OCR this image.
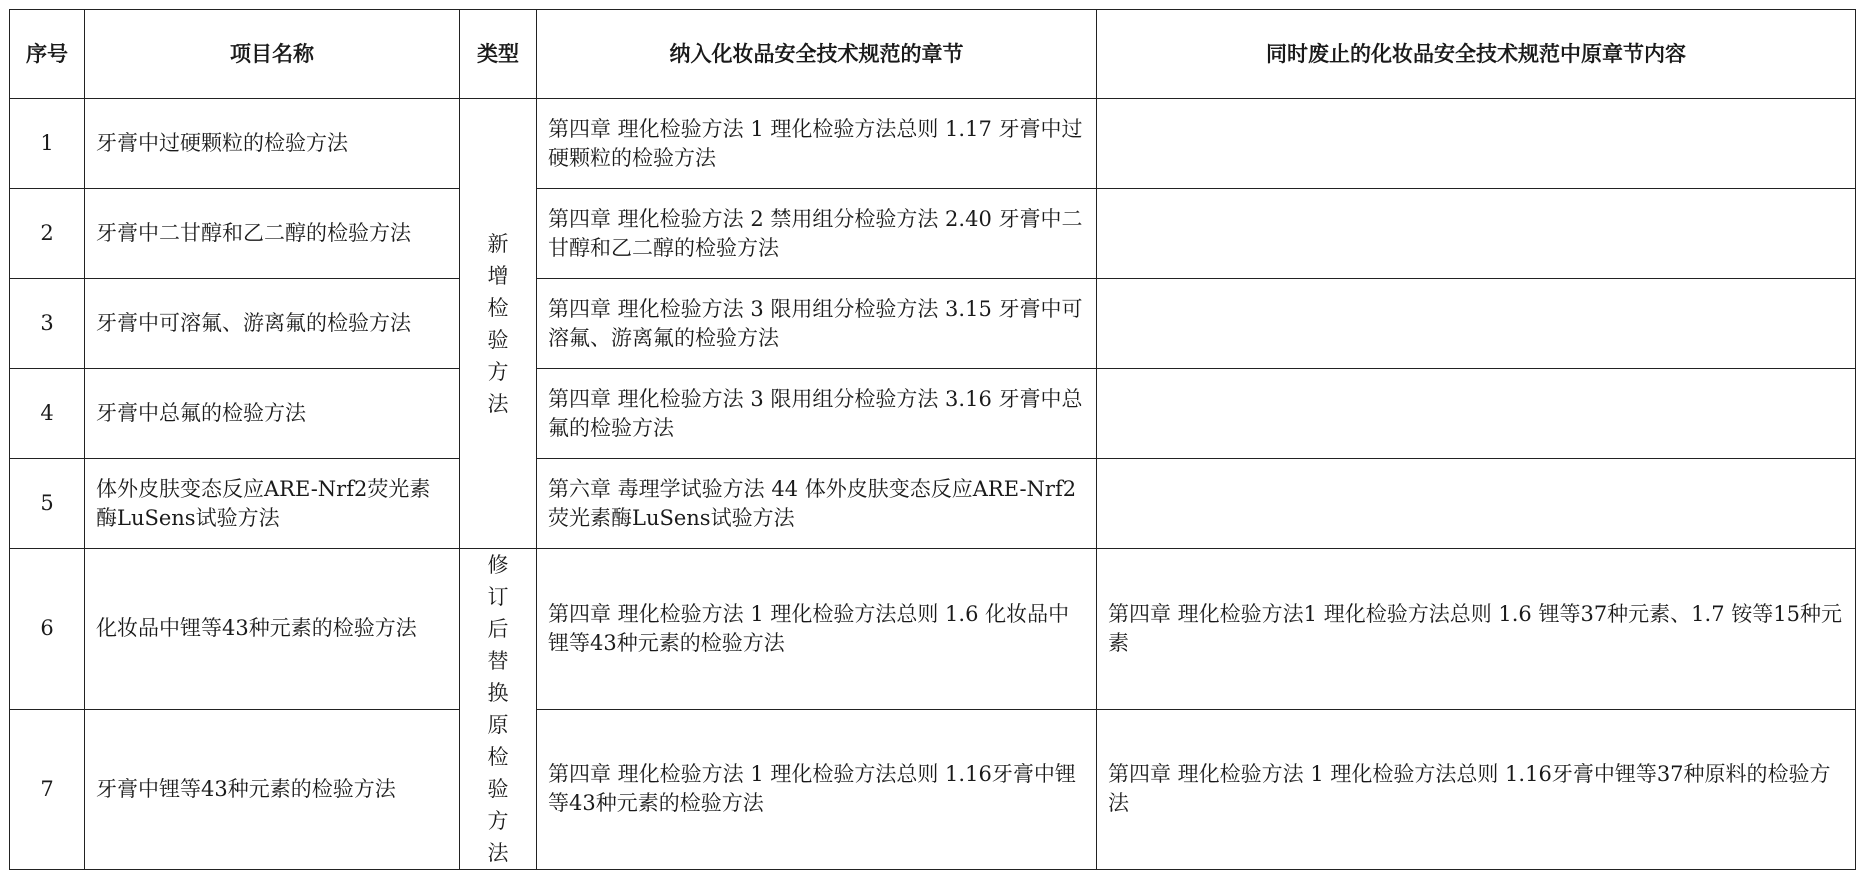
序号	项目名称	类型	纳入化妆品安全技术规范的章节	同时废止的化妆品安全技术规范中原章节内容
1	牙膏中过硬颗粒的检验方法	新增检验方法	第四章 理化检验方法 1 理化检验方法总则 1.17 牙膏中过硬颗粒的检验方法	
2	牙膏中二甘醇和乙二醇的检验方法		第四章 理化检验方法 2 禁用组分检验方法 2.40 牙膏中二甘醇和乙二醇的检验方法	
3	牙膏中可溶氟、游离氟的检验方法		第四章 理化检验方法 3 限用组分检验方法 3.15 牙膏中可溶氟、游离氟的检验方法	
4	牙膏中总氟的检验方法		第四章 理化检验方法 3 限用组分检验方法 3.16 牙膏中总氟的检验方法	
5	体外皮肤变态反应ARE-Nrf2荧光素酶LuSens试验方法		第六章 毒理学试验方法 44 体外皮肤变态反应ARE-Nrf2荧光素酶LuSens试验方法	
6	化妆品中锂等43种元素的检验方法	修订后替换原检验方法	第四章 理化检验方法 1 理化检验方法总则 1.6 化妆品中锂等43种元素的检验方法	第四章 理化检验方法1 理化检验方法总则 1.6 锂等37种元素、1.7 铵等15种元素
7	牙膏中锂等43种元素的检验方法		第四章 理化检验方法 1 理化检验方法总则 1.16牙膏中锂等43种元素的检验方法	第四章 理化检验方法 1 理化检验方法总则 1.16牙膏中锂等37种原料的检验方法
